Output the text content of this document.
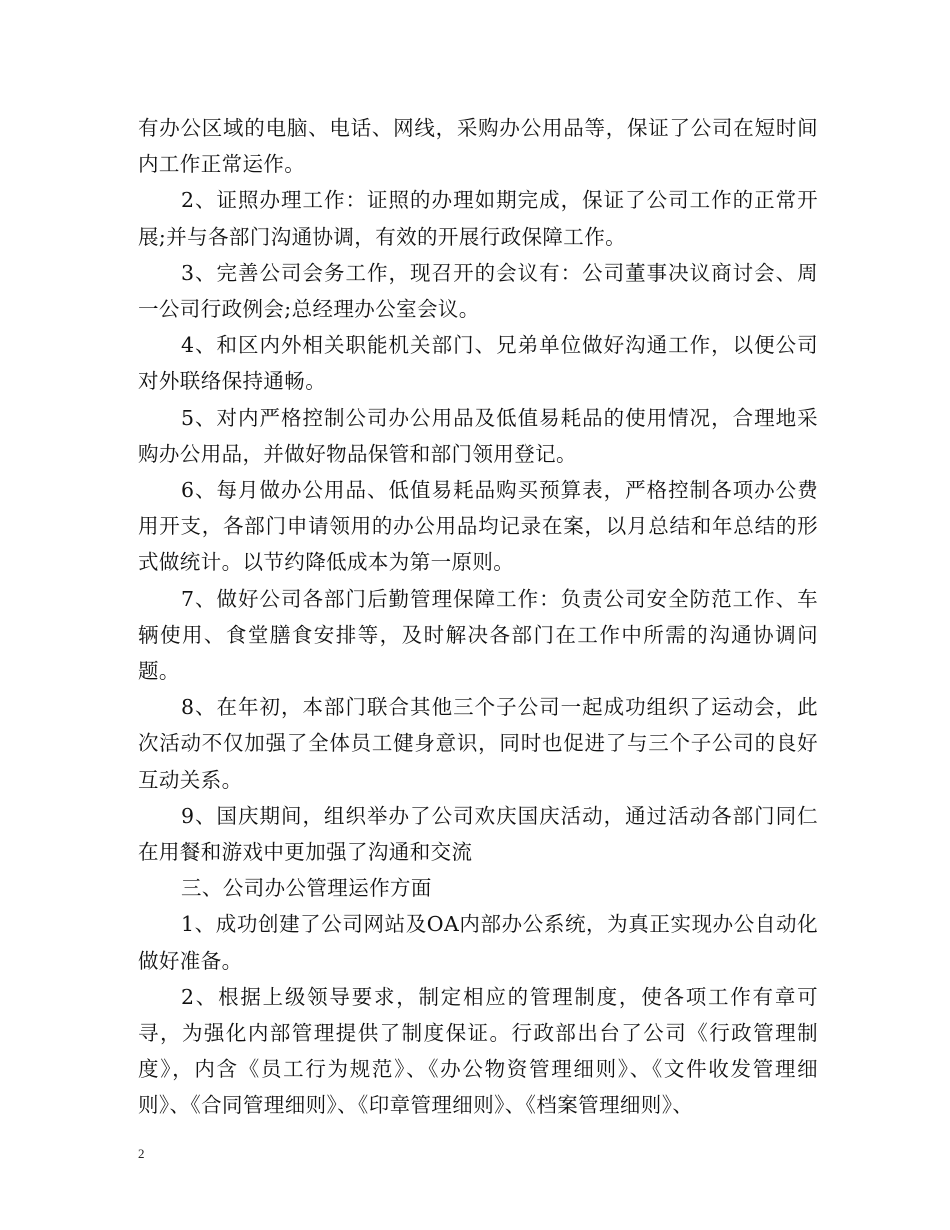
有办公区域的电脑、电话、网线，采购办公用品等，保证了公司在短时间内工作正常运作。

2、证照办理工作：证照的办理如期完成，保证了公司工作的正常开展;并与各部门沟通协调，有效的开展行政保障工作。

3、完善公司会务工作，现召开的会议有：公司董事决议商讨会、周一公司行政例会;总经理办公室会议。

4、和区内外相关职能机关部门、兄弟单位做好沟通工作，以便公司对外联络保持通畅。

5、对内严格控制公司办公用品及低值易耗品的使用情况，合理地采购办公用品，并做好物品保管和部门领用登记。

6、每月做办公用品、低值易耗品购买预算表，严格控制各项办公费用开支，各部门申请领用的办公用品均记录在案，以月总结和年总结的形式做统计。以节约降低成本为第一原则。

7、做好公司各部门后勤管理保障工作：负责公司安全防范工作、车辆使用、食堂膳食安排等，及时解决各部门在工作中所需的沟通协调问题。

8、在年初，本部门联合其他三个子公司一起成功组织了运动会，此次活动不仅加强了全体员工健身意识，同时也促进了与三个子公司的良好互动关系。

9、国庆期间，组织举办了公司欢庆国庆活动，通过活动各部门同仁在用餐和游戏中更加强了沟通和交流

三、公司办公管理运作方面

1、成功创建了公司网站及OA内部办公系统，为真正实现办公自动化做好准备。

2、根据上级领导要求，制定相应的管理制度，使各项工作有章可寻，为强化内部管理提供了制度保证。行政部出台了公司《行政管理制度》，内含《员工行为规范》、《办公物资管理细则》、《文件收发管理细则》、《合同管理细则》、《印章管理细则》、《档案管理细则》、

2
